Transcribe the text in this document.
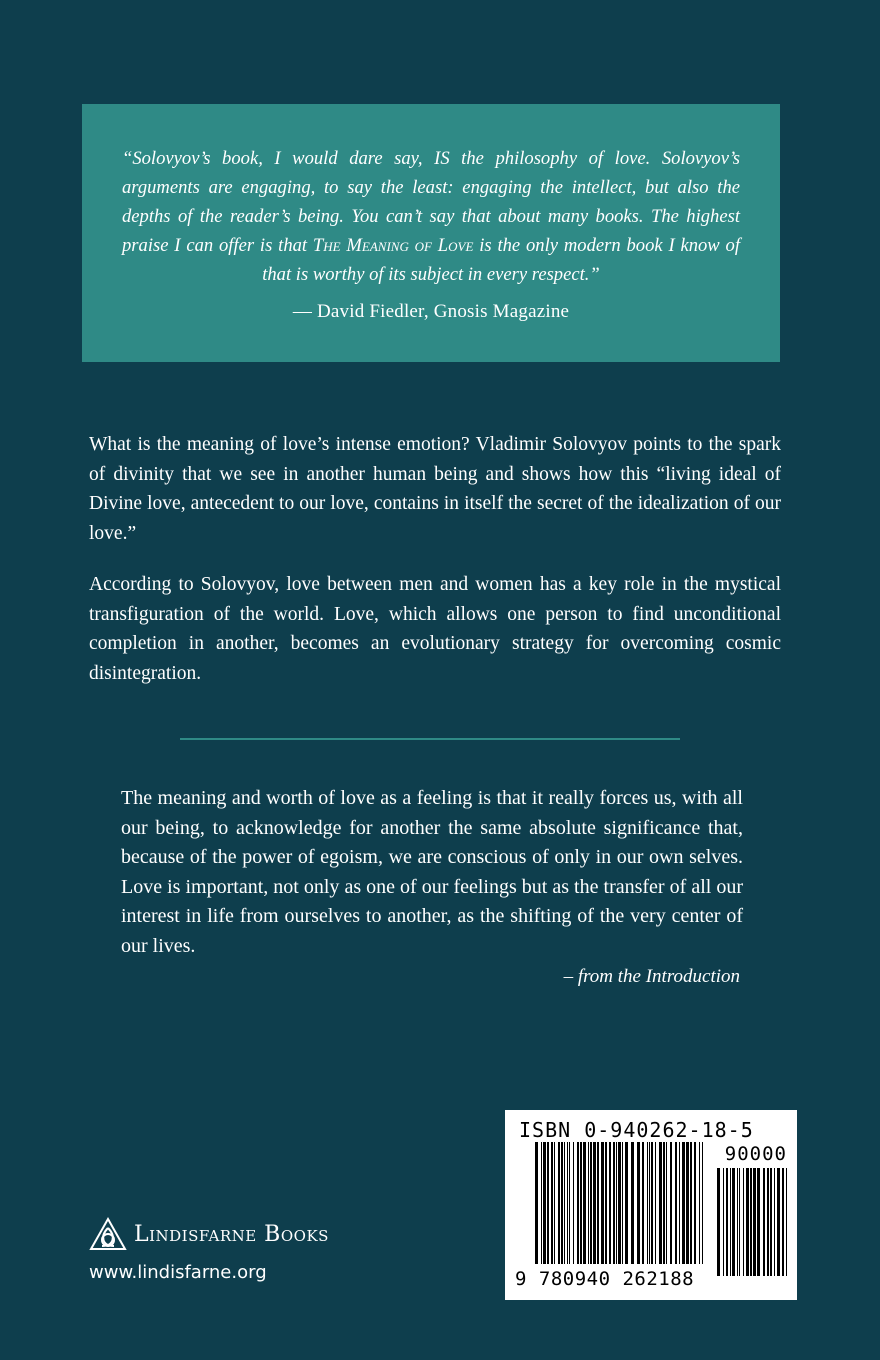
“Solovyov’s book, I would dare say, IS the philosophy of love. Solovyov’s arguments are engaging, to say the least: engaging the intellect, but also the depths of the reader’s being. You can’t say that about many books. The highest praise I can offer is that The Meaning of Love is the only modern book I know of that is worthy of its subject in every respect.”

— David Fiedler, Gnosis Magazine

What is the meaning of love’s intense emotion? Vladimir Solovyov points to the spark of divinity that we see in another human being and shows how this “living ideal of Divine love, antecedent to our love, contains in itself the secret of the idealization of our love.”

According to Solovyov, love between men and women has a key role in the mystical transfiguration of the world. Love, which allows one person to find unconditional completion in another, becomes an evolutionary strategy for overcoming cosmic disintegration.

The meaning and worth of love as a feeling is that it really forces us, with all our being, to acknowledge for another the same absolute significance that, because of the power of egoism, we are conscious of only in our own selves. Love is important, not only as one of our feelings but as the transfer of all our interest in life from ourselves to another, as the shifting of the very center of our lives.

– from the Introduction
Lindisfarne Books
www.lindisfarne.org
ISBN 0-940262-18-5
90000
9 780940 262188
